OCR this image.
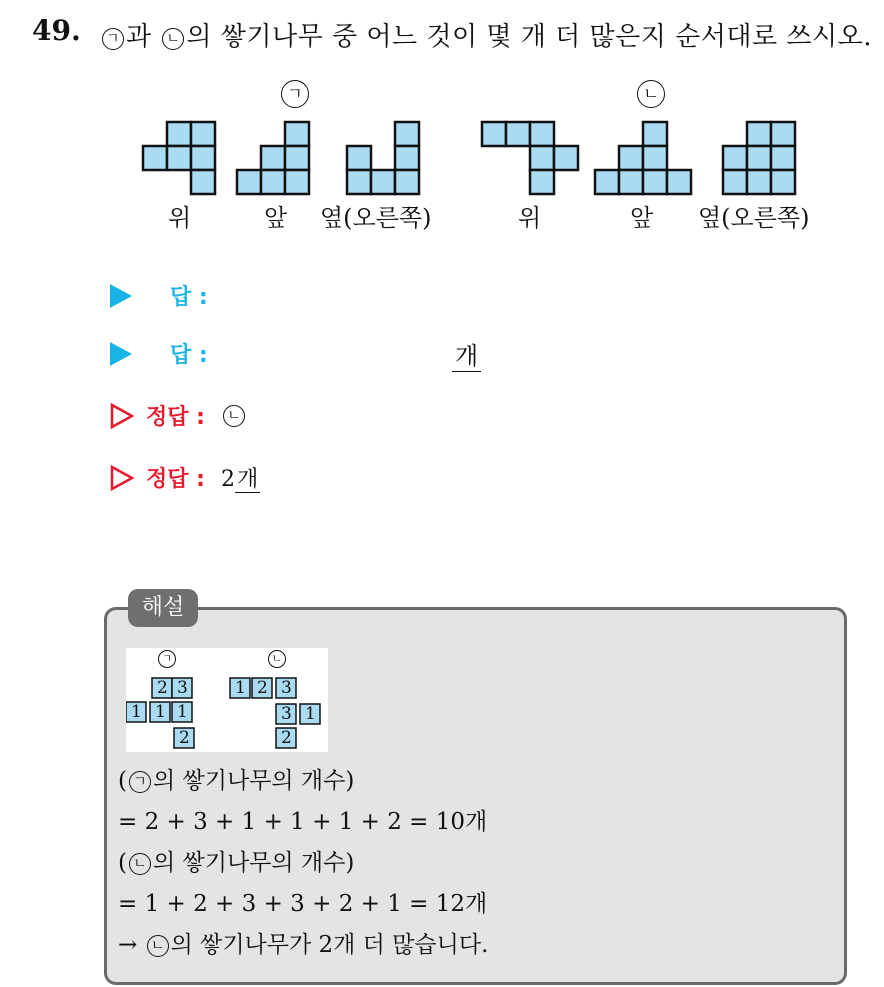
49.	ㄱ 과 ㄴ 의 쌓기나무 중 어느 것이 몇 개 더 많은지 순서대로 쓰시오.
ㄱ	ㄴ
위	앞 옆(오른쪽)	위	앞 옆(오른쪽)
답 :
답 :	개
정답 :	ㄴ
정답 : 2개
해설
ㄱ	ㄴ
2 3
1 1 1
2
1 2 3
3 1
2
( ㄱ 의 쌓기나무의 개수)
= 2 + 3 + 1 + 1 + 1 + 2 = 10개
( ㄴ 의 쌓기나무의 개수)
= 1 + 2 + 3 + 3 + 2 + 1 = 12개
→ ㄴ 의 쌓기나무가 2개 더 많습니다.
